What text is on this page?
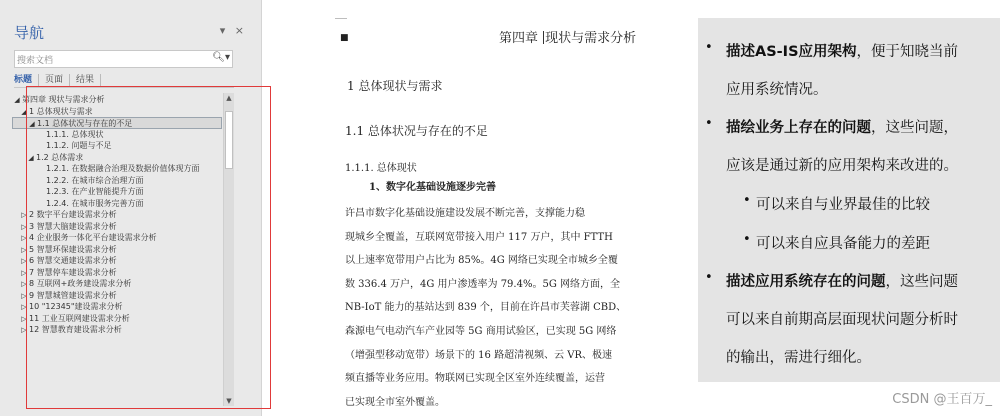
导航	▾ ×
搜索文档	🔍︎▾
标题 页面 结果
◢ 第四章 现状与需求分析
◢ 1 总体现状与需求
◢ 1.1 总体状况与存在的不足
1.1.1. 总体现状
1.1.2. 问题与不足
◢ 1.2 总体需求
1.2.1. 在数据融合治理及数据价值体现方面
1.2.2. 在城市综合治理方面
1.2.3. 在产业智能提升方面
1.2.4. 在城市服务完善方面
▷ 2 数字平台建设需求分析
▷ 3 智慧大脑建设需求分析
▷ 4 企业服务一体化平台建设需求分析
▷ 5 智慧环保建设需求分析
▷ 6 智慧交通建设需求分析
▷ 7 智慧停车建设需求分析
▷ 8 互联网+政务建设需求分析
▷ 9 智慧城管建设需求分析
▷ 10 "12345"建设需求分析
▷ 11 工业互联网建设需求分析
▷ 12 智慧教育建设需求分析
▲
▼
■	第四章 现状与需求分析
1 总体现状与需求
1.1 总体状况与存在的不足
1.1.1. 总体现状
1、数字化基础设施逐步完善
许昌市数字化基础设施建设发展不断完善，支撑能力稳
现城乡全覆盖，互联网宽带接入用户 117 万户，其中 FTTH
以上速率宽带用户占比为 85%。4G 网络已实现全市城乡全覆
数 336.4 万户，4G 用户渗透率为 79.4%。5G 网络方面，全
NB-IoT 能力的基站达到 839 个，目前在许昌市芙蓉湖 CBD、
森源电气电动汽车产业园等 5G 商用试验区，已实现 5G 网络
（增强型移动宽带）场景下的 16 路超清视频、云 VR、极速
频直播等业务应用。物联网已实现全区室外连续覆盖，运营
已实现全市室外覆盖。
• 描述AS-IS应用架构，便于知晓当前
应用系统情况。
• 描绘业务上存在的问题，这些问题，
应该是通过新的应用架构来改进的。
• 可以来自与业界最佳的比较
• 可以来自应具备能力的差距
• 描述应用系统存在的问题，这些问题
可以来自前期高层面现状问题分析时
的输出，需进行细化。
CSDN @王百万_
